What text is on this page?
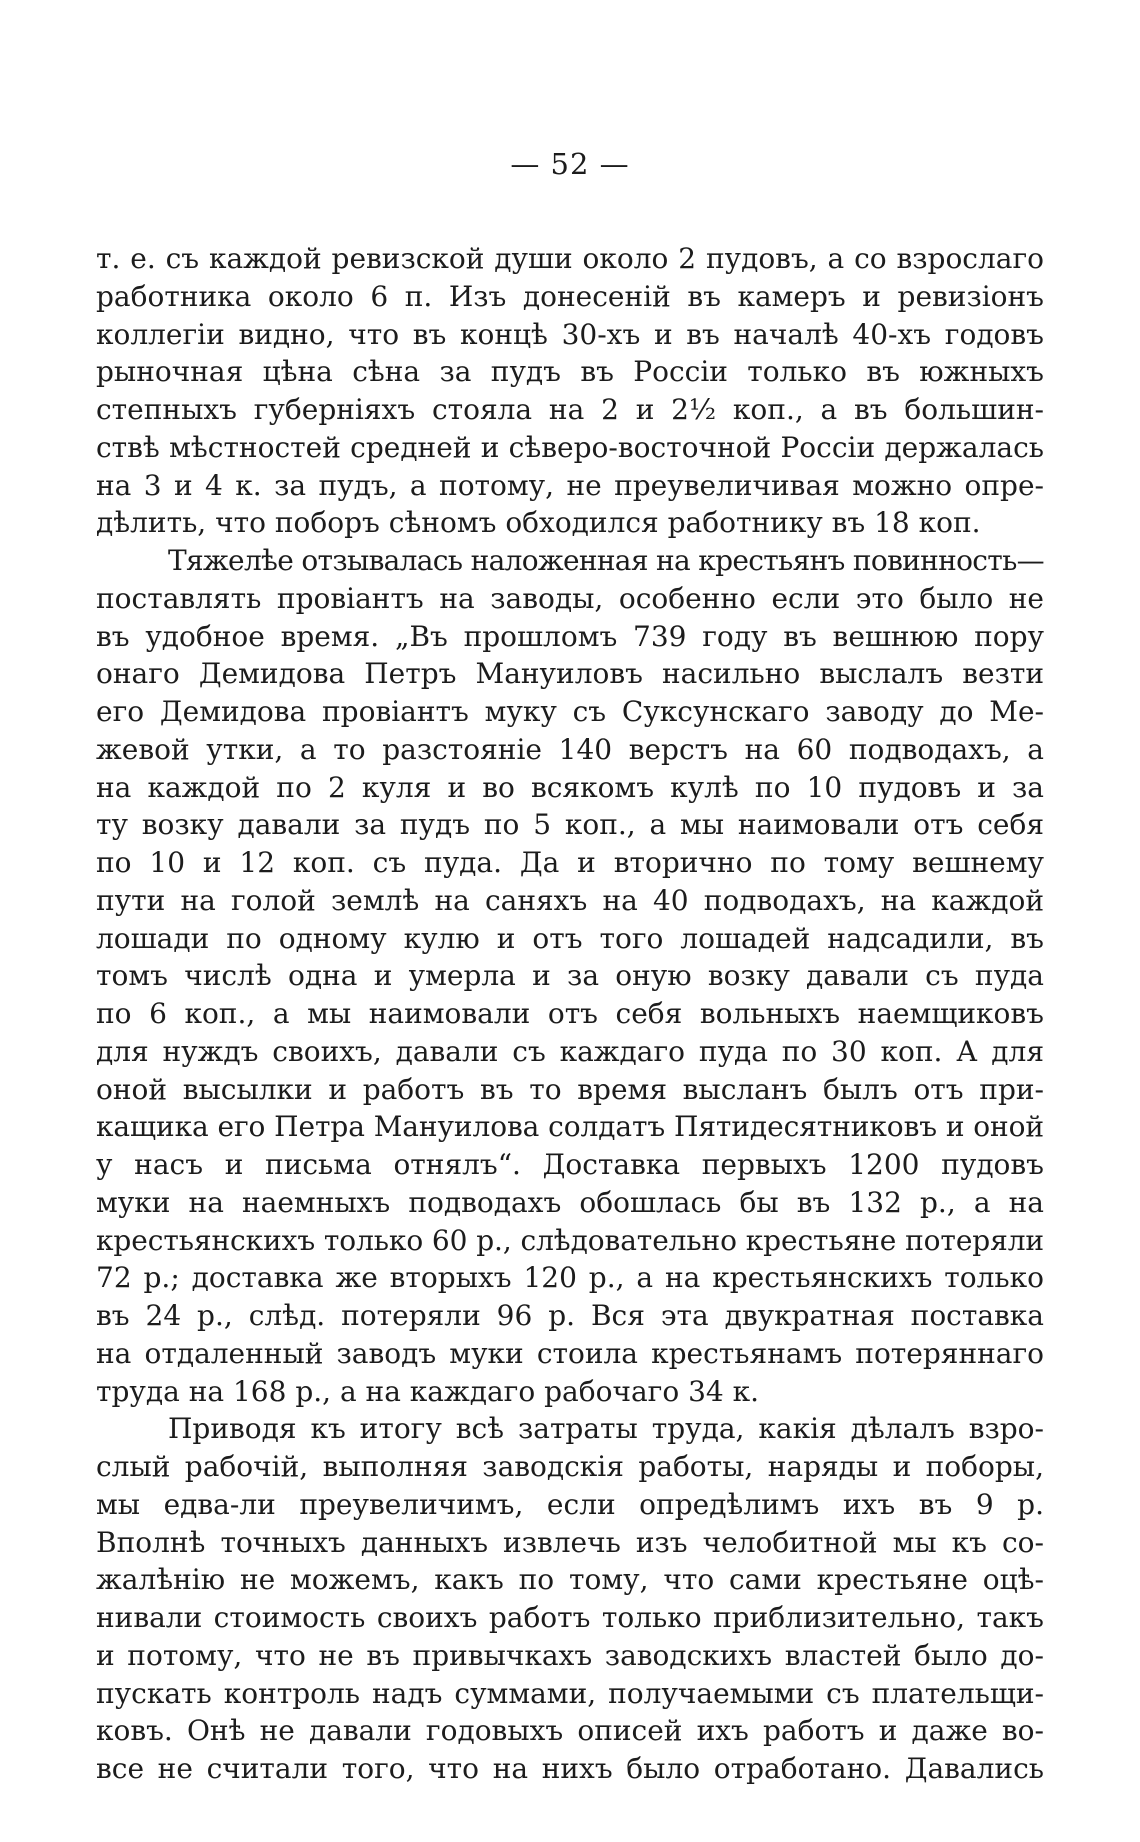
— 52 —
т. е. съ каждой ревизской души около 2 пудовъ, а со взрослаго
работника около 6 п. Изъ донесеній въ камеръ и ревизіонъ
коллегіи видно, что въ концѣ 30-хъ и въ началѣ 40-хъ годовъ
рыночная цѣна сѣна за пудъ въ Россіи только въ южныхъ
степныхъ губерніяхъ стояла на 2 и 2½ коп., а въ большин-
ствѣ мѣстностей средней и сѣверо-восточной Россіи держалась
на 3 и 4 к. за пудъ, а потому, не преувеличивая можно опре-
дѣлить, что поборъ сѣномъ обходился работнику въ 18 коп.
Тяжелѣе отзывалась наложенная на крестьянъ повинность—
поставлять провіантъ на заводы, особенно если это было не
въ удобное время. „Въ прошломъ 739 году въ вешнюю пору
онаго Демидова Петръ Мануиловъ насильно выслалъ везти
его Демидова провіантъ муку съ Суксунскаго заводу до Ме-
жевой утки, а то разстояніе 140 верстъ на 60 подводахъ, а
на каждой по 2 куля и во всякомъ кулѣ по 10 пудовъ и за
ту возку давали за пудъ по 5 коп., а мы наимовали отъ себя
по 10 и 12 коп. съ пуда. Да и вторично по тому вешнему
пути на голой землѣ на саняхъ на 40 подводахъ, на каждой
лошади по одному кулю и отъ того лошадей надсадили, въ
томъ числѣ одна и умерла и за оную возку давали съ пуда
по 6 коп., а мы наимовали отъ себя вольныхъ наемщиковъ
для нуждъ своихъ, давали съ каждаго пуда по 30 коп. А для
оной высылки и работъ въ то время высланъ былъ отъ при-
кащика его Петра Мануилова солдатъ Пятидесятниковъ и оной
у насъ и письма отнялъ“. Доставка первыхъ 1200 пудовъ
муки на наемныхъ подводахъ обошлась бы въ 132 р., а на
крестьянскихъ только 60 р., слѣдовательно крестьяне потеряли
72 р.; доставка же вторыхъ 120 р., а на крестьянскихъ только
въ 24 р., слѣд. потеряли 96 р. Вся эта двукратная поставка
на отдаленный заводъ муки стоила крестьянамъ потеряннаго
труда на 168 р., а на каждаго рабочаго 34 к.
Приводя къ итогу всѣ затраты труда, какія дѣлалъ взро-
слый рабочій, выполняя заводскія работы, наряды и поборы,
мы едва-ли преувеличимъ, если опредѣлимъ ихъ въ 9 р.
Вполнѣ точныхъ данныхъ извлечь изъ челобитной мы къ со-
жалѣнію не можемъ, какъ по тому, что сами крестьяне оцѣ-
нивали стоимость своихъ работъ только приблизительно, такъ
и потому, что не въ привычкахъ заводскихъ властей было до-
пускать контроль надъ суммами, получаемыми съ плательщи-
ковъ. Онѣ не давали годовыхъ описей ихъ работъ и даже во-
все не считали того, что на нихъ было отработано. Давались
